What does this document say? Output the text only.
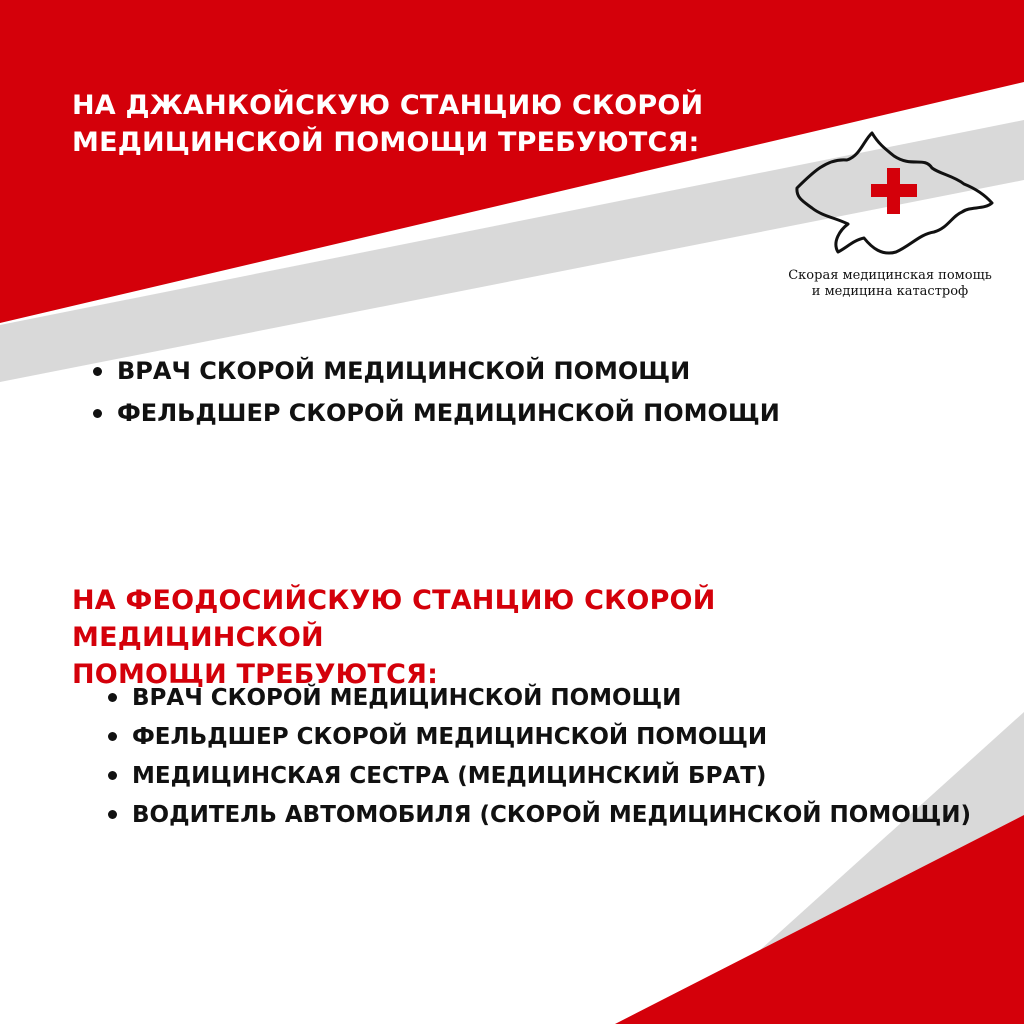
НА ДЖАНКОЙСКУЮ СТАНЦИЮ СКОРОЙ
МЕДИЦИНСКОЙ ПОМОЩИ ТРЕБУЮТСЯ:
Скорая медицинская помощь
и медицина катастроф
ВРАЧ СКОРОЙ МЕДИЦИНСКОЙ ПОМОЩИ
ФЕЛЬДШЕР СКОРОЙ МЕДИЦИНСКОЙ ПОМОЩИ
НА ФЕОДОСИЙСКУЮ СТАНЦИЮ СКОРОЙ МЕДИЦИНСКОЙ
ПОМОЩИ ТРЕБУЮТСЯ:
ВРАЧ СКОРОЙ МЕДИЦИНСКОЙ ПОМОЩИ
ФЕЛЬДШЕР СКОРОЙ МЕДИЦИНСКОЙ ПОМОЩИ
МЕДИЦИНСКАЯ СЕСТРА (МЕДИЦИНСКИЙ БРАТ)
ВОДИТЕЛЬ АВТОМОБИЛЯ (СКОРОЙ МЕДИЦИНСКОЙ ПОМОЩИ)
